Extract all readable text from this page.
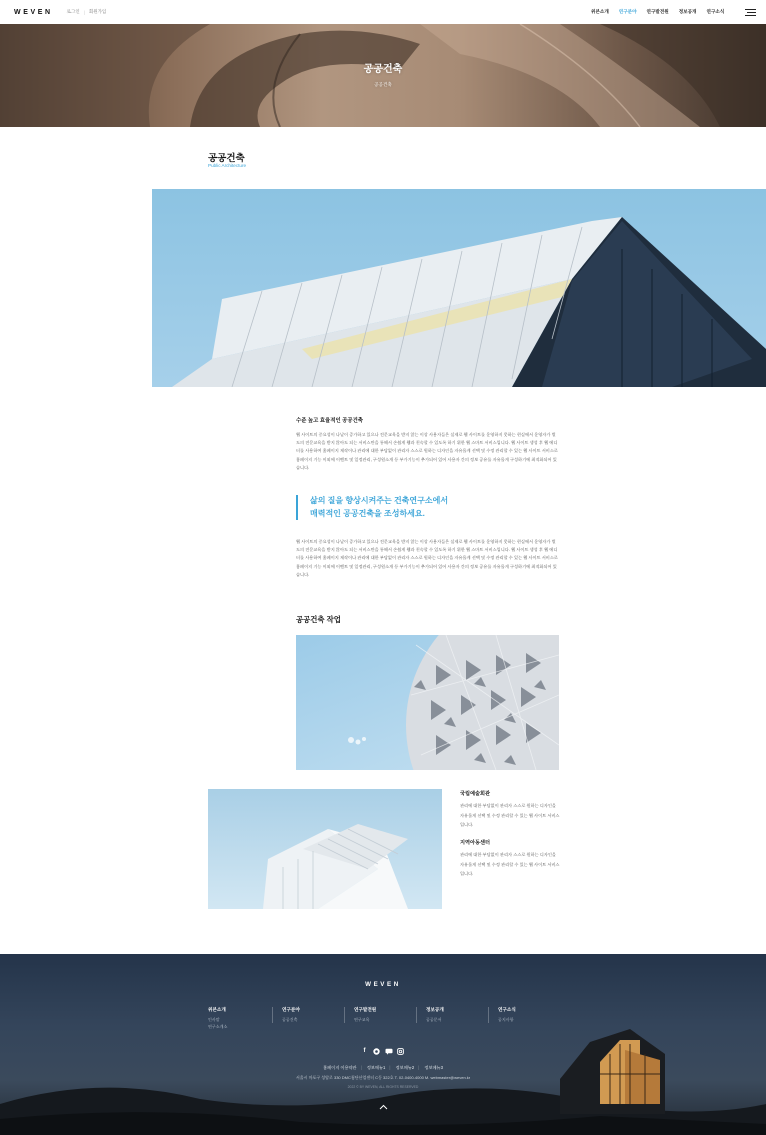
WEVEN	로그인 | 회원가입	위븐소개 연구분야 연구발전원 정보공개 연구소식
공공건축
공공건축
공공건축
Public Architecture
수준 높고 효율적인 공공건축
웹 사이트의 중요성이 나날이 증가하고 있으나 전문교육을 받지 않는 이상 사용자들은 실제로 웹 사이트를 운영하지 못하는 현실에서 운영자가 별도의 전문교육을 받지 않아도 되는 서비스만을 통해서 손쉽게 웹과 친숙할 수 있도록 하기 위한 웹 스마트 서비스입니다. 웹 사이트 생성 후 웹 에디터를 사용하여 홈페이지 제작이나 관리에 대한 부담없이 관리자 스스로 원하는 디자인을 자유롭게 선택 및 수정 관리할 수 있는 웹 사이트 서비스로 홈페이지 기능 이외에 이벤트 및 일정관리, 구성원소개 등 부가기능이 추가되어 있어 사용자 간의 정보 공유를 자유롭게 구성하기에 최적화되어 있습니다.
삶의 질을 향상시켜주는 건축연구소에서
매력적인 공공건축을 조성하세요.
웹 사이트의 중요성이 나날이 증가하고 있으나 전문교육을 받지 않는 이상 사용자들은 실제로 웹 사이트를 운영하지 못하는 현실에서 운영자가 별도의 전문교육을 받지 않아도 되는 서비스만을 통해서 손쉽게 웹과 친숙할 수 있도록 하기 위한 웹 스마트 서비스입니다. 웹 사이트 생성 후 웹 에디터를 사용하여 홈페이지 제작이나 관리에 대한 부담없이 관리자 스스로 원하는 디자인을 자유롭게 선택 및 수정 관리할 수 있는 웹 사이트 서비스로 홈페이지 기능 이외에 이벤트 및 일정관리, 구성원소개 등 부가기능이 추가되어 있어 사용자 간의 정보 공유를 자유롭게 구성하기에 최적화되어 있습니다.
공공건축 작업
국립예술회관
관리에 대한 부담없이 관리자 스스로 원하는 디자인을 자유롭게 선택 및 수정 관리할 수 있는 웹 사이트 서비스입니다.
지역아동센터
관리에 대한 부담없이 관리자 스스로 원하는 디자인을 자유롭게 선택 및 수정 관리할 수 있는 웹 사이트 서비스입니다.
WEVEN
위븐소개
인사말
연구소개소
연구분야
공공건축
연구발전원
연구교육
정보공개
공공문서
연구소식
공지사항
f
홈페이지 이용약관 | 정보메뉴1 | 정보메뉴2 | 정보메뉴3
서울시 마포구 성암로 330 DMC첨단산업센터 C동 322호 T. 02-0400-4000 M. webmaster@weven.kr
2022 © BY WEVEN, ALL RIGHTS RESERVED
